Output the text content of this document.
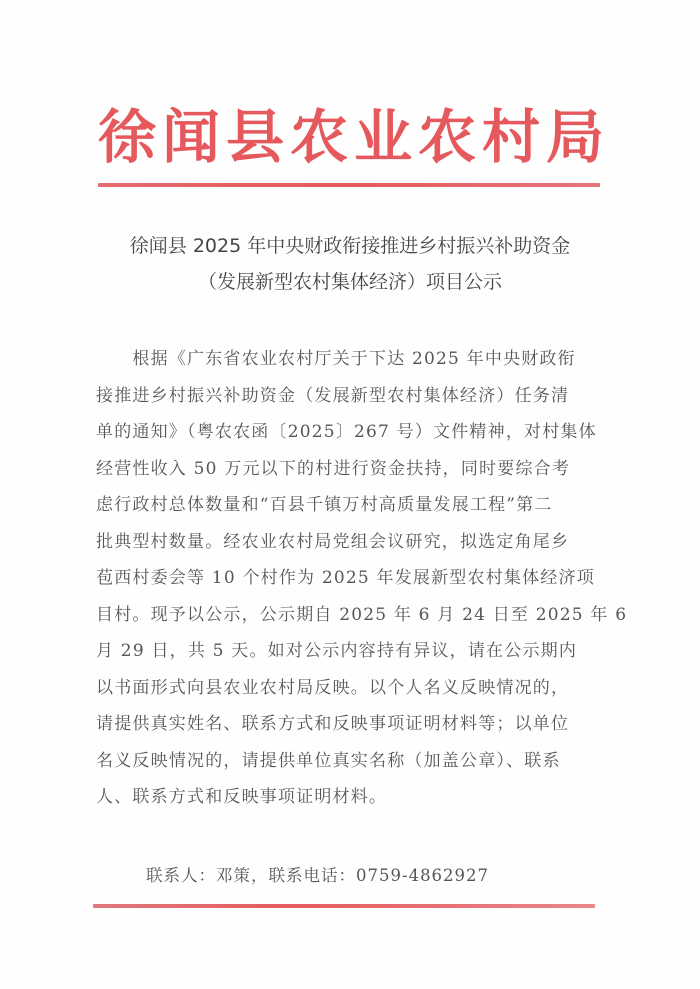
徐 闻 县 农 业 农 村 局
徐闻县 2025 年中央财政衔接推进乡村振兴补助资金
（发展新型农村集体经济）项目公示
　　根据《广东省农业农村厅关于下达 2025 年中央财政衔
接推进乡村振兴补助资金（发展新型农村集体经济）任务清
单的通知》（粤农农函〔2025〕267 号）文件精神，对村集体
经营性收入 50 万元以下的村进行资金扶持，同时要综合考
虑行政村总体数量和“百县千镇万村高质量发展工程”第二
批典型村数量。经农业农村局党组会议研究，拟选定角尾乡
苞西村委会等 10 个村作为 2025 年发展新型农村集体经济项
目村。现予以公示，公示期自 2025 年 6 月 24 日至 2025 年 6
月 29 日，共 5 天。如对公示内容持有异议，请在公示期内
以书面形式向县农业农村局反映。以个人名义反映情况的，
请提供真实姓名、联系方式和反映事项证明材料等；以单位
名义反映情况的，请提供单位真实名称（加盖公章）、联系
人、联系方式和反映事项证明材料。
联系人：邓策，联系电话：0759-4862927
